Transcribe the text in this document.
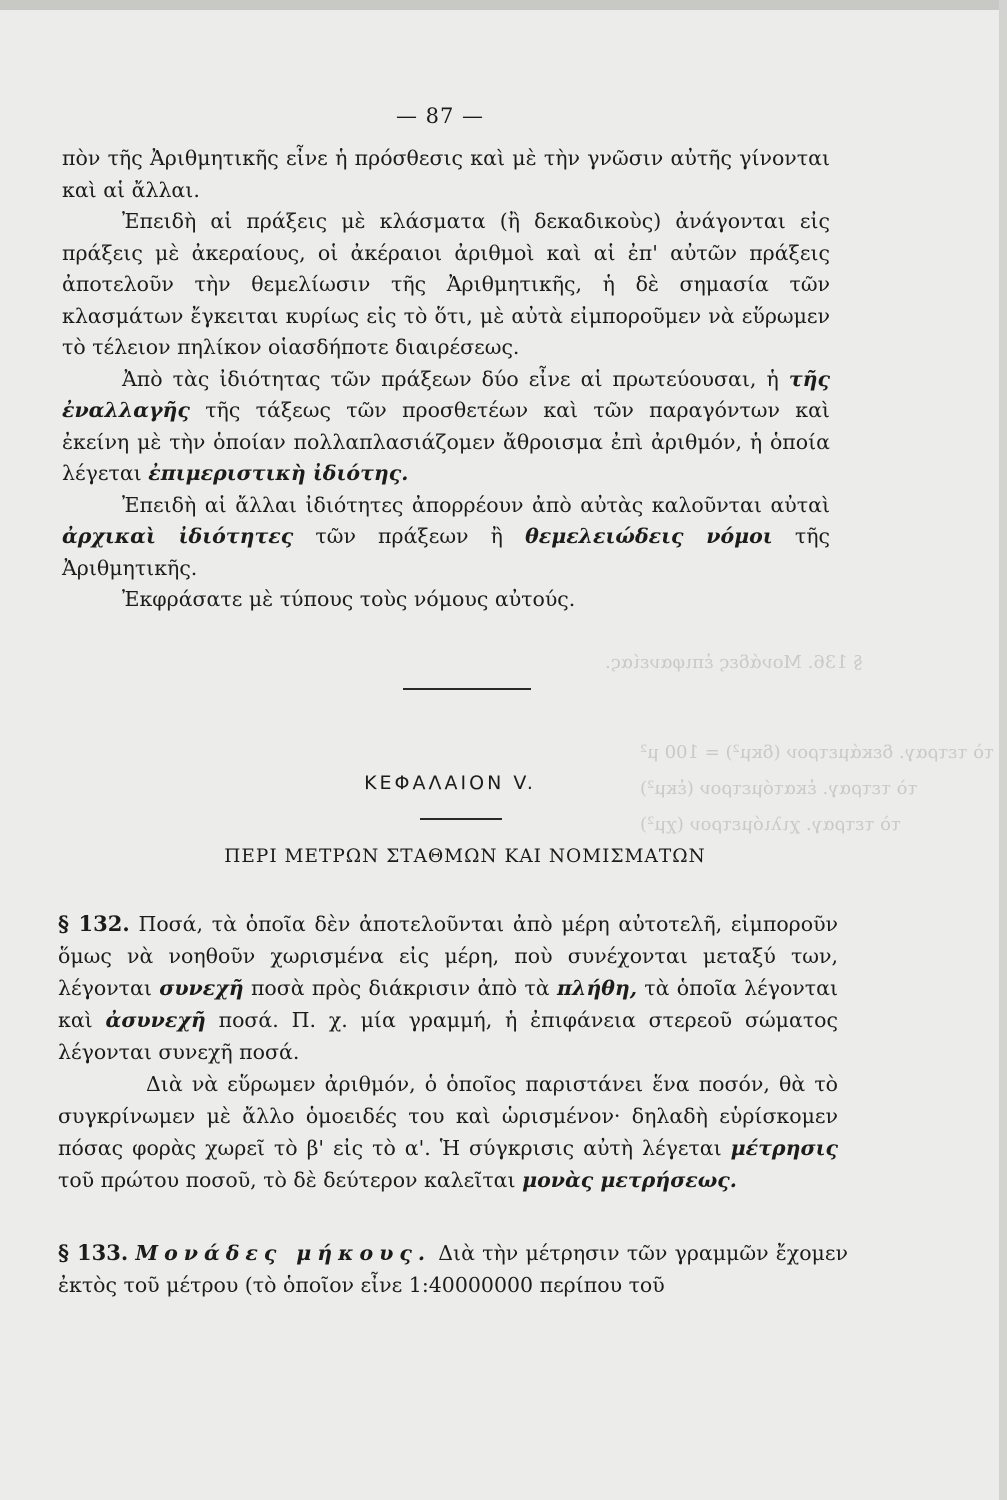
§ 136. Μονάδες ἐπιφανείας.
τὸ τετραγ. δεκάμετρον (δκμ²) = 100 μ²
τὸ τετραγ. ἑκατόμετρον (ἑκμ²)
τὸ τετραγ. χιλιόμετρον (χμ²)
— 87 —

πὸν τῆς Ἀριθμητικῆς εἶνε ἡ πρόσθεσις καὶ μὲ τὴν γνῶσιν αὐτῆς γίνονται καὶ αἱ ἄλλαι.

Ἐπειδὴ αἱ πράξεις μὲ κλάσματα (ἢ δεκαδικοὺς) ἀνάγονται εἰς πράξεις μὲ ἀκεραίους, οἱ ἀκέραιοι ἀριθμοὶ καὶ αἱ ἐπ' αὐτῶν πράξεις ἀποτελοῦν τὴν θεμελίωσιν τῆς Ἀριθμητικῆς, ἡ δὲ σημασία τῶν κλασμάτων ἔγκειται κυρίως εἰς τὸ ὅτι, μὲ αὐτὰ εἰμποροῦμεν νὰ εὕρωμεν τὸ τέλειον πηλίκον οἱασδήποτε διαιρέσεως.

Ἀπὸ τὰς ἰδιότητας τῶν πράξεων δύο εἶνε αἱ πρωτεύουσαι, ἡ τῆς ἐναλλαγῆς τῆς τάξεως τῶν προσθετέων καὶ τῶν παραγόντων καὶ ἐκείνη μὲ τὴν ὁποίαν πολλαπλασιάζομεν ἄθροισμα ἐπὶ ἀριθμόν, ἡ ὁποία λέγεται ἐπιμεριστικὴ ἰδιότης.

Ἐπειδὴ αἱ ἄλλαι ἰδιότητες ἀπορρέουν ἀπὸ αὐτὰς καλοῦνται αὐταὶ ἀρχικαὶ ἰδιότητες τῶν πράξεων ἢ θεμελειώδεις νόμοι τῆς Ἀριθμητικῆς.

Ἐκφράσατε μὲ τύπους τοὺς νόμους αὐτούς.

ΚΕΦΑΛΑΙΟΝ V.
ΠΕΡΙ ΜΕΤΡΩΝ ΣΤΑΘΜΩΝ ΚΑΙ ΝΟΜΙΣΜΑΤΩΝ

§ 132. Ποσά, τὰ ὁποῖα δὲν ἀποτελοῦνται ἀπὸ μέρη αὐτοτελῆ, εἰμποροῦν ὅμως νὰ νοηθοῦν χωρισμένα εἰς μέρη, ποὺ συνέχονται μεταξύ των, λέγονται συνεχῆ ποσὰ πρὸς διάκρισιν ἀπὸ τὰ πλήθη, τὰ ὁποῖα λέγονται καὶ ἀσυνεχῆ ποσά. Π. χ. μία γραμμή, ἡ ἐπιφάνεια στερεοῦ σώματος λέγονται συνεχῆ ποσά.

Διὰ νὰ εὕρωμεν ἀριθμόν, ὁ ὁποῖος παριστάνει ἕνα ποσόν, θὰ τὸ συγκρίνωμεν μὲ ἄλλο ὁμοειδές του καὶ ὡρισμένον· δηλαδὴ εὑρίσκομεν πόσας φορὰς χωρεῖ τὸ β' εἰς τὸ α'. Ἡ σύγκρισις αὐτὴ λέγεται μέτρησις τοῦ πρώτου ποσοῦ, τὸ δὲ δεύτερον καλεῖται μονὰς μετρήσεως.

§ 133. Μονάδες μήκους. Διὰ τὴν μέτρησιν τῶν γραμμῶν ἔχομεν ἐκτὸς τοῦ μέτρου (τὸ ὁποῖον εἶνε 1:40000000 περίπου τοῦ
